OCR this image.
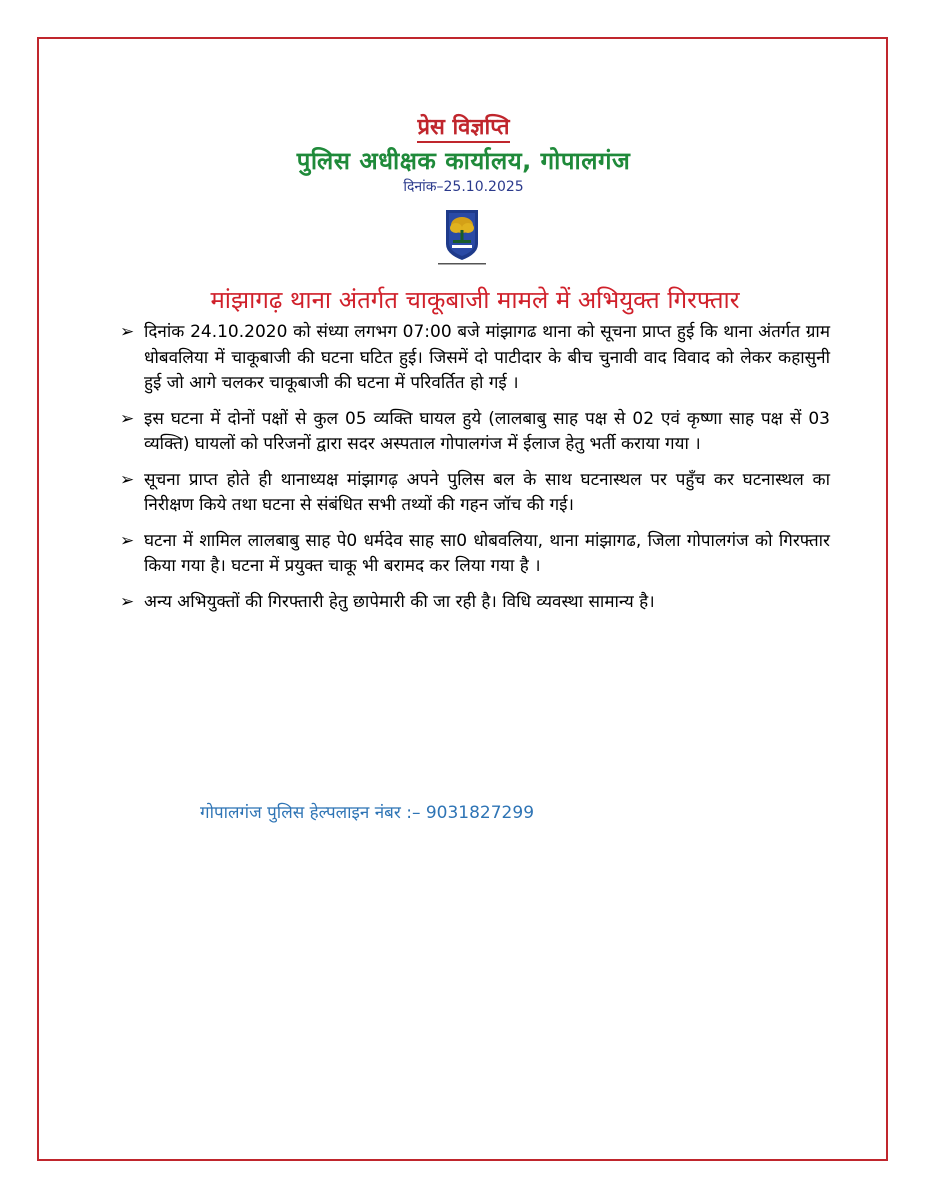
प्रेस विज्ञप्ति
पुलिस अधीक्षक कार्यालय, गोपालगंज
दिनांक–25.10.2025
मांझागढ़ थाना अंतर्गत चाकूबाजी मामले में अभियुक्त गिरफ्तार
➢ दिनांक 24.10.2020 को संध्या लगभग 07:00 बजे मांझागढ थाना को सूचना प्राप्त हुई कि थाना अंतर्गत ग्राम धोबवलिया में चाकूबाजी की घटना घटित हुई। जिसमें दो पाटीदार के बीच चुनावी वाद विवाद को लेकर कहासुनी हुई जो आगे चलकर चाकूबाजी की घटना में परिवर्तित हो गई ।
➢ इस घटना में दोनों पक्षों से कुल 05 व्यक्ति घायल हुये (लालबाबु साह पक्ष से 02 एवं कृष्णा साह पक्ष सें 03 व्यक्ति) घायलों को परिजनों द्वारा सदर अस्पताल गोपालगंज में ईलाज हेतु भर्ती कराया गया ।
➢ सूचना प्राप्त होते ही थानाध्यक्ष मांझागढ़ अपने पुलिस बल के साथ घटनास्थल पर पहुँच कर घटनास्थल का निरीक्षण किये तथा घटना से संबंधित सभी तथ्यों की गहन जॉच की गई।
➢ घटना में शामिल लालबाबु साह पे0 धर्मदेव साह सा0 धोबवलिया, थाना मांझागढ, जिला गोपालगंज को गिरफ्तार किया गया है। घटना में प्रयुक्त चाकू भी बरामद कर लिया गया है ।
➢ अन्य अभियुक्तों की गिरफ्तारी हेतु छापेमारी की जा रही है। विधि व्यवस्था सामान्य है।
गोपालगंज पुलिस हेल्पलाइन नंबर :– 9031827299
